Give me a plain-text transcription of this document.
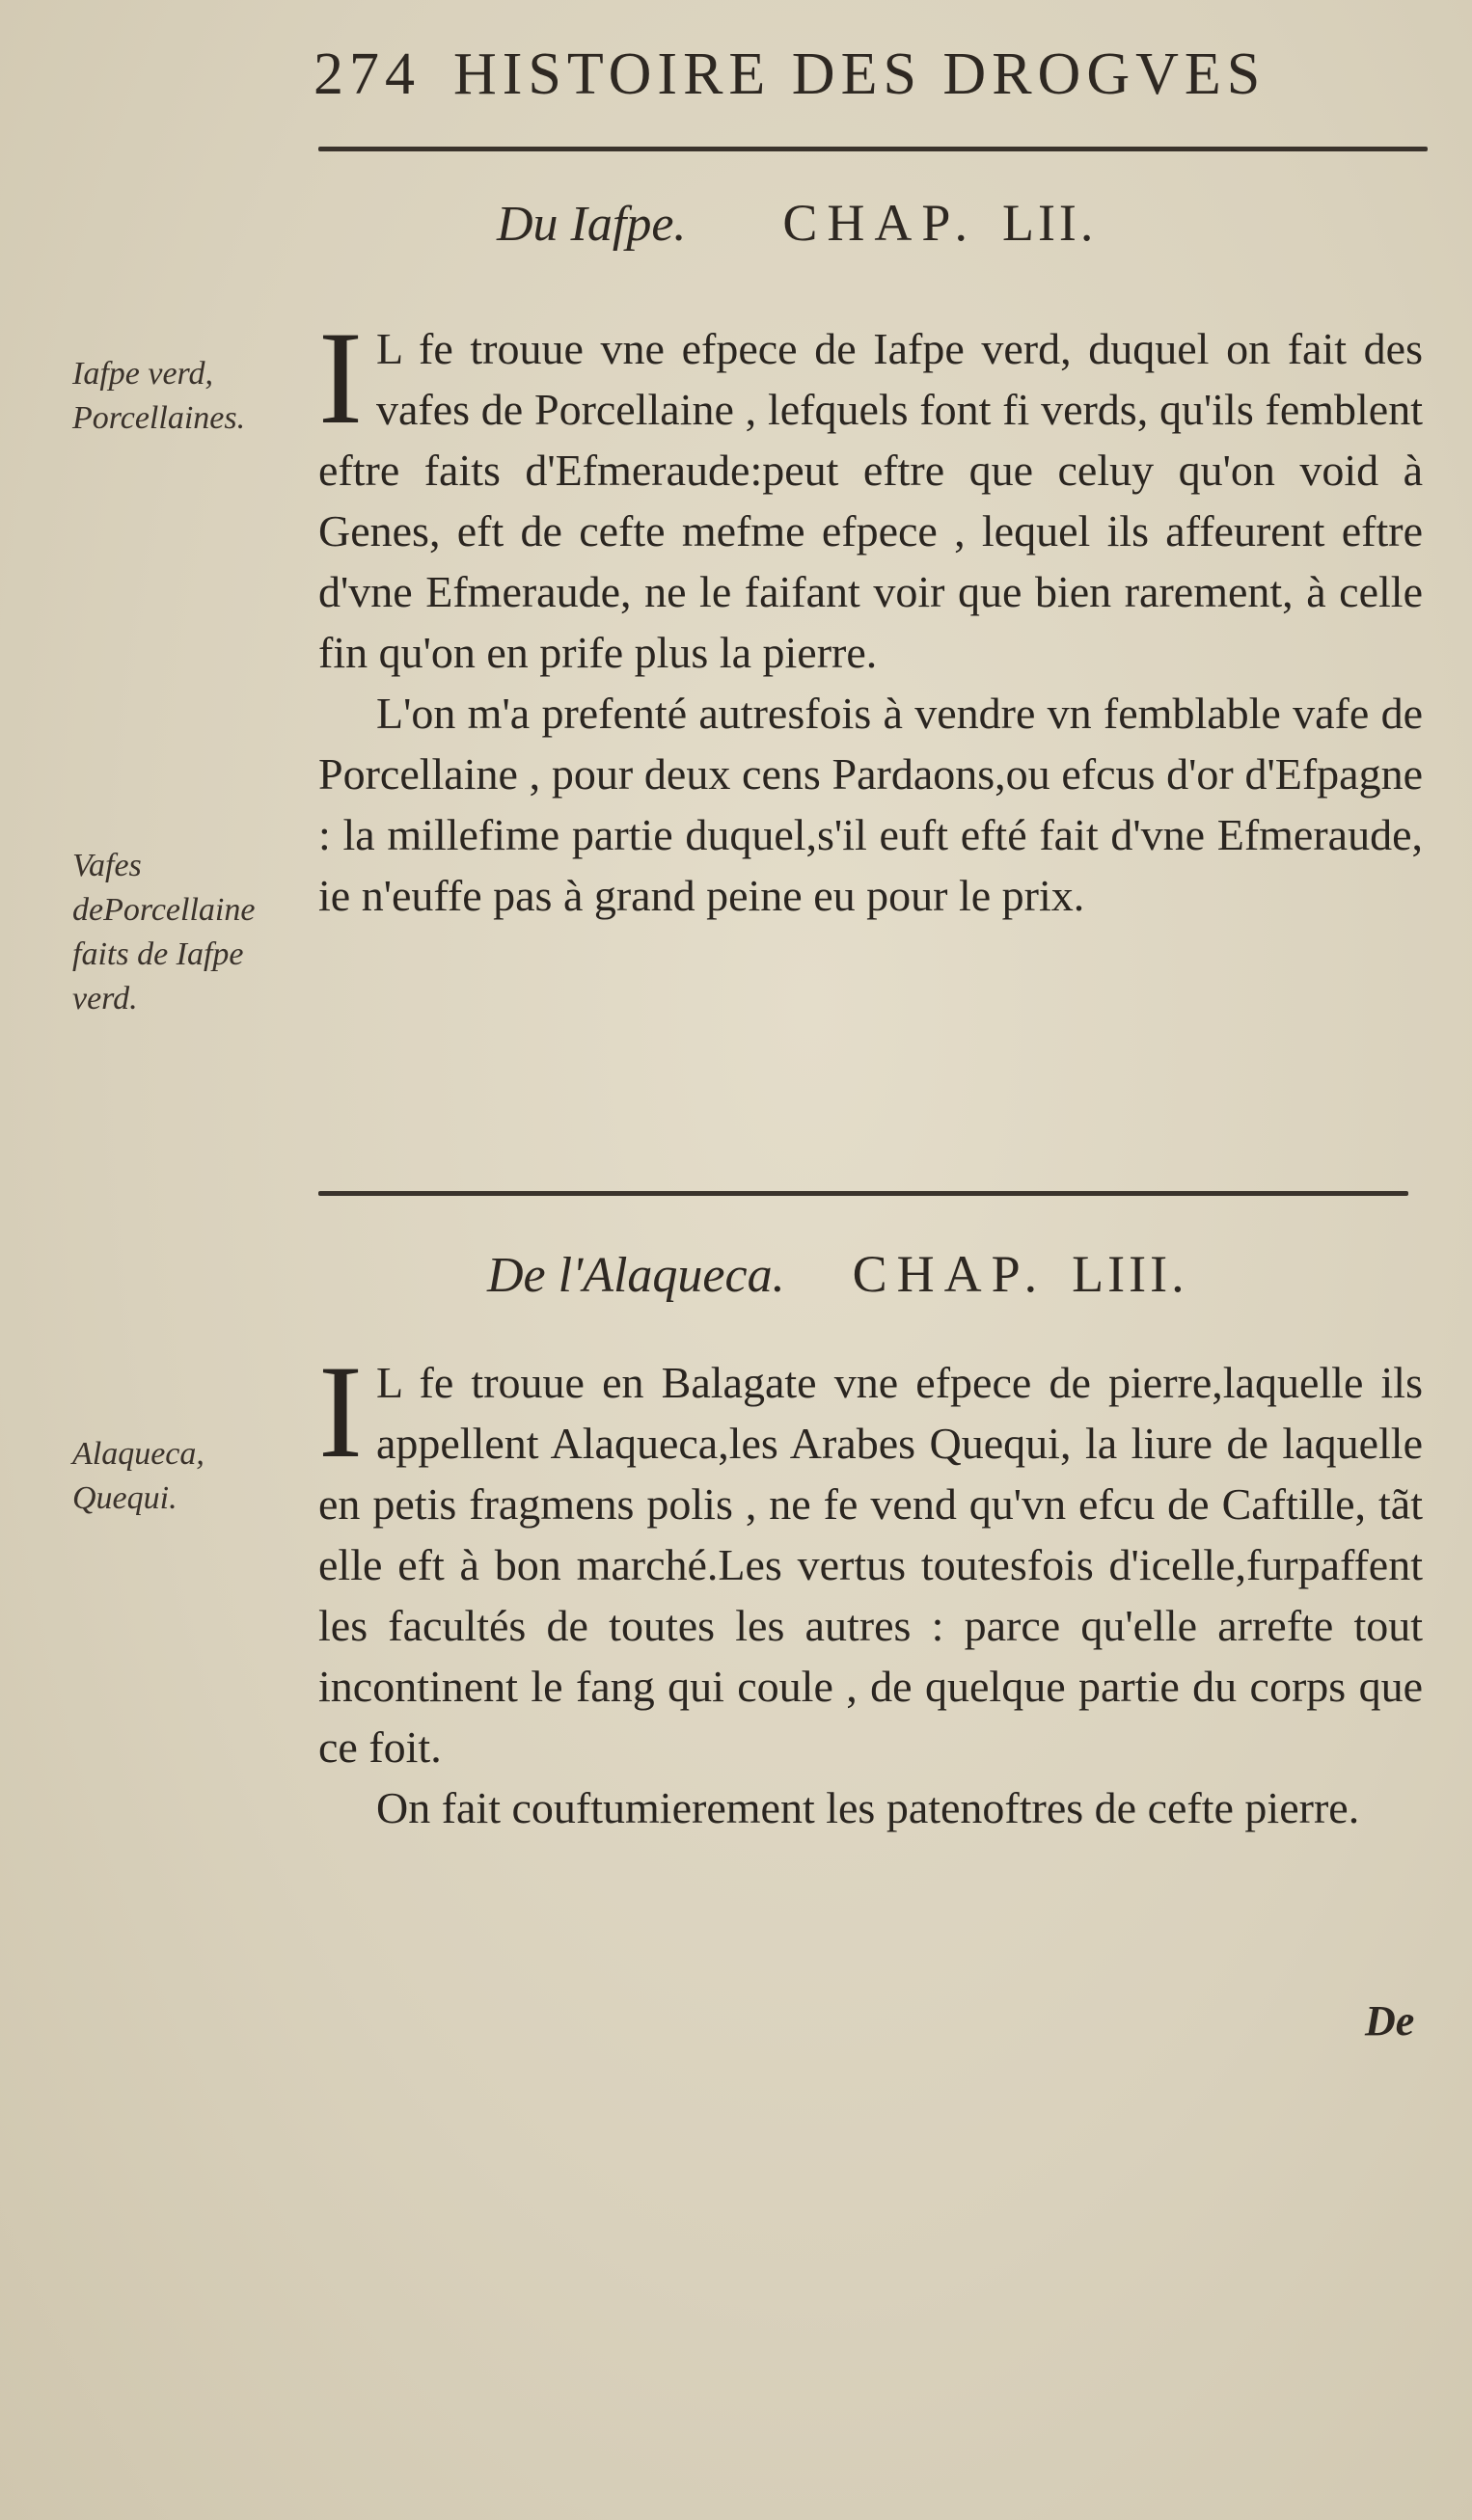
274 HISTOIRE DES DROGVES
Du Iafpe. CHAP. LII.
Iafpe verd, Porcellaines.
Vafes dePorcellaine faits de Iafpe verd.

I L fe trouue vne efpece de Iafpe verd, duquel on fait des vafes de Porcellaine , lefquels font fi verds, qu'ils femblent eftre faits d'Efmeraude:peut eftre que celuy qu'on void à Genes, eft de cefte mefme efpece , lequel ils affeurent eftre d'vne Efmeraude, ne le faifant voir que bien rarement, à celle fin qu'on en prife plus la pierre.

L'on m'a prefenté autresfois à vendre vn femblable vafe de Porcellaine , pour deux cens Pardaons,ou efcus d'or d'Efpagne : la millefime partie duquel,s'il euft efté fait d'vne Efmeraude, ie n'euffe pas à grand peine eu pour le prix.

De l'Alaqueca. CHAP. LIII.
Alaqueca, Quequi.

I L fe trouue en Balagate vne efpece de pierre,laquelle ils appellent Alaqueca,les Arabes Quequi, la liure de laquelle en petis fragmens polis , ne fe vend qu'vn efcu de Caftille, tãt elle eft à bon marché.Les vertus toutesfois d'icelle,furpaffent les facultés de toutes les autres : parce qu'elle arrefte tout incontinent le fang qui coule , de quelque partie du corps que ce foit.

On fait couftumierement les patenoftres de cefte pierre.

De
